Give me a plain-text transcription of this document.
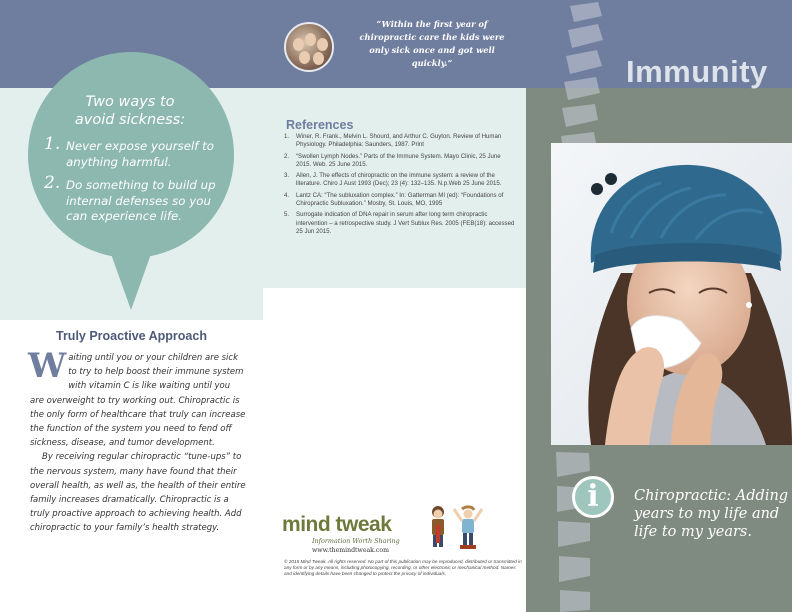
“Within the first year of chiropractic care the kids were only sick once and got well quickly.”	Immunity
Two ways to
avoid sickness:
1. Never expose yourself to anything harmful.
2. Do something to build up internal defenses so you can experience life.
References
1. Winer, R. Frank., Melvin L. Shourd, and Arthur C. Guyton. Review of Human Physiology. Philadelphia: Saunders, 1987. Print
2. “Swollen Lymph Nodes.” Parts of the Immune System. Mayo Clinic, 25 June 2015. Web. 25 June 2015.
3. Allen, J. The effects of chiropractic on the immune system: a review of the literature. Chiro J Aust 1993 (Dec); 23 (4): 132–135. N.p.Web 25 June 2015.
4. Lantz CA: “The subluxation complex.” In: Gatterman MI (ed): “Foundations of Chiropractic Subluxation.” Mosby, St. Louis, MO, 1995
5. Surrogate indication of DNA repair in serum after long term chiropractic intervention – a retrospective study. J Vert Sublux Res. 2005 (FEB(18): accessed 25 Jun 2015.
Truly Proactive Approach
W aiting until you or your children are sick to try to help boost their immune system with vitamin C is like waiting until you are overweight to try working out. Chiropractic is the only form of healthcare that truly can increase the function of the system you need to fend off sickness, disease, and tumor development.

By receiving regular chiropractic “tune-ups” to the nervous system, many have found that their overall health, as well as, the health of their entire family increases dramatically. Chiropractic is a truly proactive approach to achieving health. Add chiropractic to your family’s health strategy.

i	Chiropractic: Adding years to my life and life to my years.
mind tweak
Information Worth Sharing
www.themindtweak.com
© 2015 Mind Tweak. All rights reserved. No part of this publication may be reproduced, distributed or transmitted in any form or by any means, including photocopying, recording, or other electronic or mechanical method. Names and identifying details have been changed to protect the privacy of individuals.
